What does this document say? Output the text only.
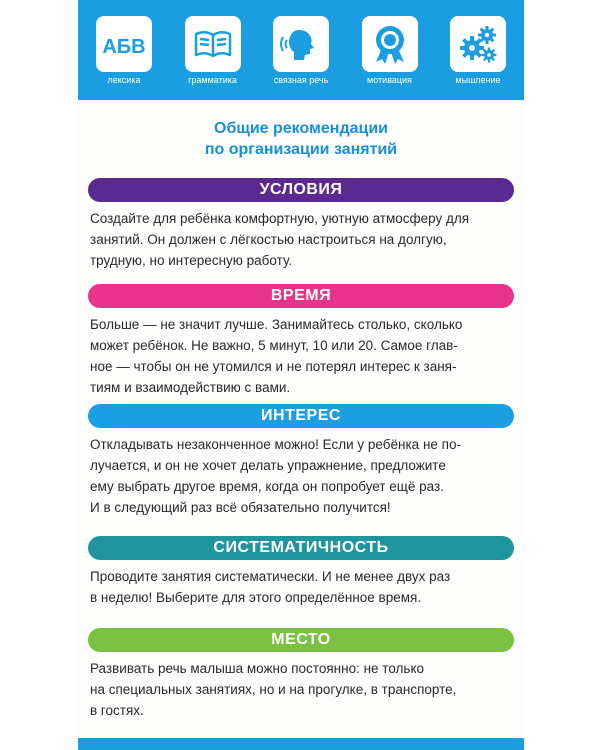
АБВ
лексика	грамматика	связная речь	мотивация	мышление
Общие рекомендации
по организации занятий
УСЛОВИЯ
Создайте для ребёнка комфортную, уютную атмосферу для
занятий. Он должен с лёгкостью настроиться на долгую,
трудную, но интересную работу.
ВРЕМЯ
Больше — не значит лучше. Занимайтесь столько, сколько
может ребёнок. Не важно, 5 минут, 10 или 20. Самое глав-
ное — чтобы он не утомился и не потерял интерес к заня-
тиям и взаимодействию с вами.
ИНТЕРЕС
Откладывать незаконченное можно! Если у ребёнка не по-
лучается, и он не хочет делать упражнение, предложите
ему выбрать другое время, когда он попробует ещё раз.
И в следующий раз всё обязательно получится!
СИСТЕМАТИЧНОСТЬ
Проводите занятия систематически. И не менее двух раз
в неделю! Выберите для этого определённое время.
МЕСТО
Развивать речь малыша можно постоянно: не только
на специальных занятиях, но и на прогулке, в транспорте,
в гостях.
